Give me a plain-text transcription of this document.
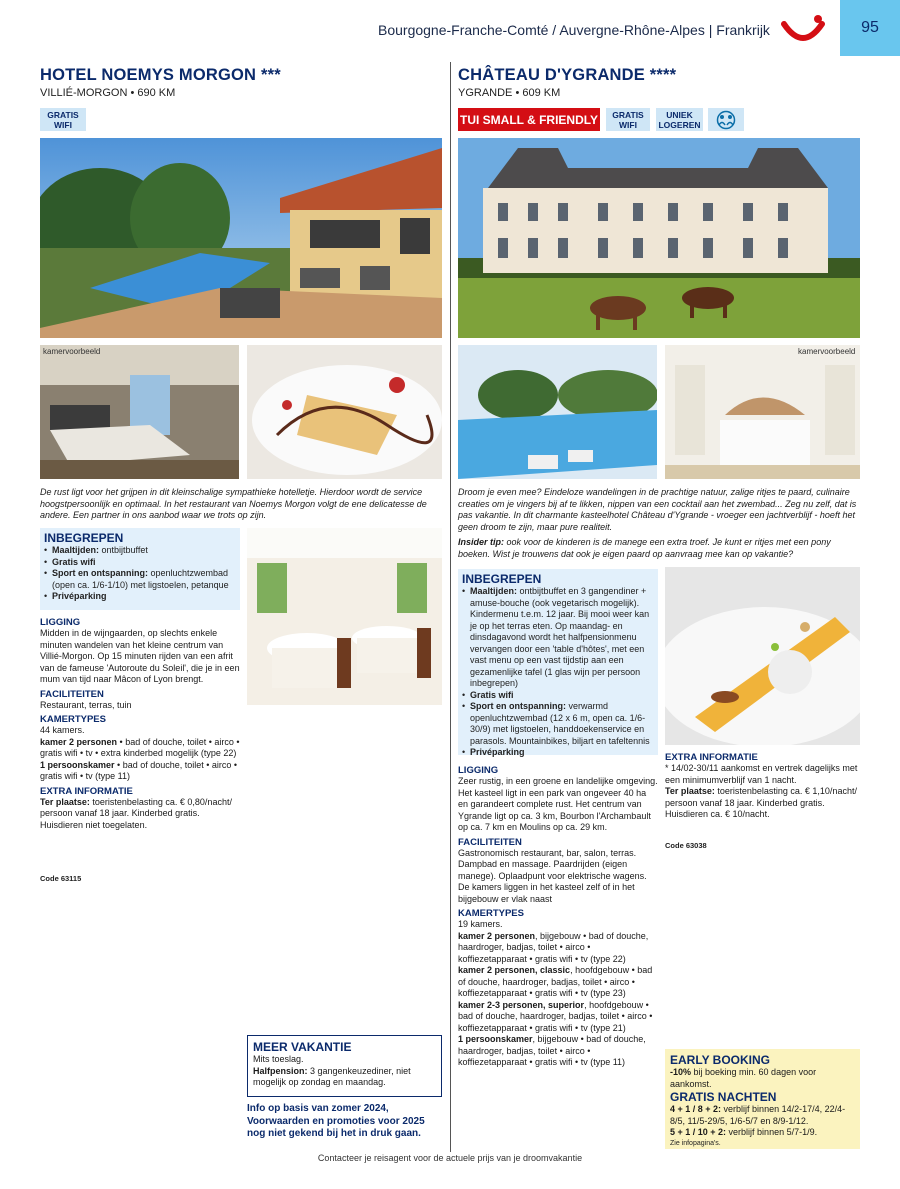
Bourgogne-Franche-Comté / Auvergne-Rhône-Alpes | Frankrijk	95
HOTEL NOEMYS MORGON ***
VILLIÉ-MORGON • 690 KM
GRATIS WIFI
kamervoorbeeld
De rust ligt voor het grijpen in dit kleinschalige sympathieke hotelletje. Hierdoor wordt de service hoogstpersoonlijk en optimaal. In het restaurant van Noemys Morgon volgt de ene delicatesse de andere. Een partner in ons aanbod waar we trots op zijn.
INBEGREPEN
• Maaltijden: ontbijtbuffet
• Gratis wifi
• Sport en ontspanning: openluchtzwembad (open ca. 1/6-1/10) met ligstoelen, petanque
• Privéparking
LIGGING
Midden in de wijngaarden, op slechts enkele minuten wandelen van het kleine centrum van Villié-Morgon. Op 15 minuten rijden van een afrit van de fameuse 'Autoroute du Soleil', die je in een mum van tijd naar Mâcon of Lyon brengt.
FACILITEITEN
Restaurant, terras, tuin
KAMERTYPES
44 kamers.
kamer 2 personen • bad of douche, toilet • airco • gratis wifi • tv • extra kinderbed mogelijk (type 22)
1 persoonskamer • bad of douche, toilet • airco • gratis wifi • tv (type 11)
EXTRA INFORMATIE
Ter plaatse: toeristenbelasting ca. € 0,80/nacht/ persoon vanaf 18 jaar. Kinderbed gratis. Huisdieren niet toegelaten.
Code 63115
MEER VAKANTIE
Mits toeslag.
Halfpension: 3 gangenkeuzediner, niet mogelijk op zondag en maandag.
Info op basis van zomer 2024, Voorwaarden en promoties voor 2025 nog niet gekend bij het in druk gaan.
CHÂTEAU D'YGRANDE ****
YGRANDE • 609 KM
TUI SMALL & FRIENDLY	GRATIS WIFI
UNIEK LOGEREN
kamervoorbeeld
Droom je even mee? Eindeloze wandelingen in de prachtige natuur, zalige ritjes te paard, culinaire creaties om je vingers bij af te likken, nippen van een cocktail aan het zwembad... Zeg nu zelf, dat is pas vakantie. In dit charmante kasteelhotel Château d'Ygrande - vroeger een jachtverblijf - hoeft het geen droom te zijn, maar pure realiteit.
Insider tip: ook voor de kinderen is de manege een extra troef. Je kunt er ritjes met een pony boeken. Wist je trouwens dat ook je eigen paard op aanvraag mee kan op vakantie?
INBEGREPEN
• Maaltijden: ontbijtbuffet en 3 gangendiner + amuse-bouche (ook vegetarisch mogelijk). Kindermenu t.e.m. 12 jaar. Bij mooi weer kan je op het terras eten. Op maandag- en dinsdagavond wordt het halfpensionmenu vervangen door een 'table d'hôtes', met een vast menu op een vast tijdstip aan een gezamenlijke tafel (1 glas wijn per persoon inbegrepen)
• Gratis wifi
• Sport en ontspanning: verwarmd openluchtzwembad (12 x 6 m, open ca. 1/6-30/9) met ligstoelen, handdoekenservice en parasols. Mountainbikes, biljart en tafeltennis
• Privéparking
LIGGING
Zeer rustig, in een groene en landelijke omgeving. Het kasteel ligt in een park van ongeveer 40 ha en garandeert complete rust. Het centrum van Ygrande ligt op ca. 3 km, Bourbon l'Archambault op ca. 7 km en Moulins op ca. 29 km.
FACILITEITEN
Gastronomisch restaurant, bar, salon, terras. Dampbad en massage. Paardrijden (eigen manege). Oplaadpunt voor elektrische wagens. De kamers liggen in het kasteel zelf of in het bijgebouw er vlak naast
KAMERTYPES
19 kamers.
kamer 2 personen, bijgebouw • bad of douche, haardroger, badjas, toilet • airco • koffiezetapparaat • gratis wifi • tv (type 22)
kamer 2 personen, classic, hoofdgebouw • bad of douche, haardroger, badjas, toilet • airco • koffiezetapparaat • gratis wifi • tv (type 23)
kamer 2-3 personen, superior, hoofdgebouw • bad of douche, haardroger, badjas, toilet • airco • koffiezetapparaat • gratis wifi • tv (type 21)
1 persoonskamer, bijgebouw • bad of douche, haardroger, badjas, toilet • airco • koffiezetapparaat • gratis wifi • tv (type 11)
EXTRA INFORMATIE
* 14/02-30/11 aankomst en vertrek dagelijks met een minimumverblijf van 1 nacht.
Ter plaatse: toeristenbelasting ca. € 1,10/nacht/ persoon vanaf 18 jaar. Kinderbed gratis. Huisdieren ca. € 10/nacht.
Code 63038
EARLY BOOKING
-10% bij boeking min. 60 dagen voor aankomst.
GRATIS NACHTEN
4 + 1 / 8 + 2: verblijf binnen 14/2-17/4, 22/4-8/5, 11/5-29/5, 1/6-5/7 en 8/9-1/12.
5 + 1 / 10 + 2: verblijf binnen 5/7-1/9.
Zie infopagina's.
Contacteer je reisagent voor de actuele prijs van je droomvakantie
